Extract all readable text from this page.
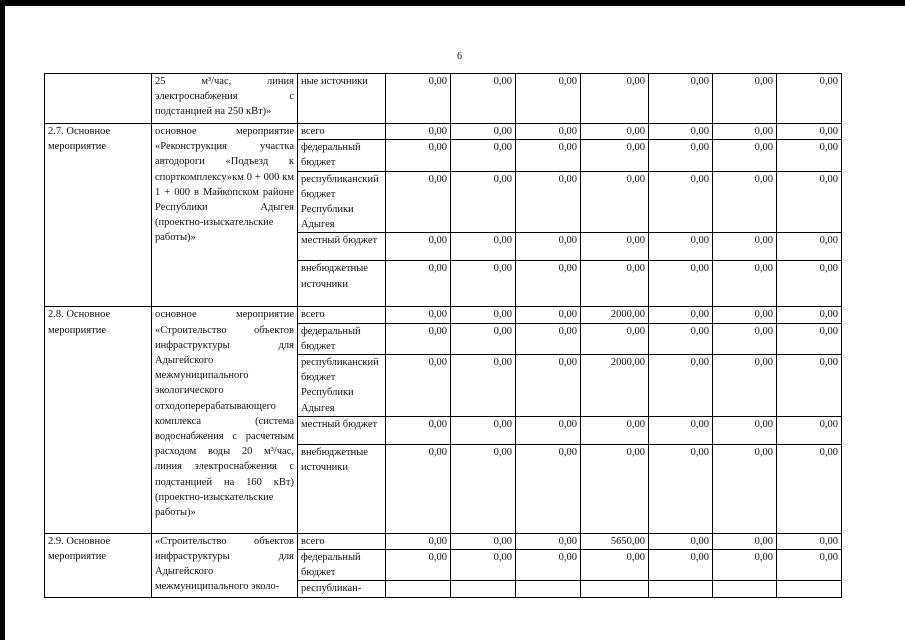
6
	25 м³/час, линия электроснабжения с подстанцией на 250 кВт)»	ные источники	0,00	0,00	0,00	0,00	0,00	0,00	0,00
2.7. Основное мероприятие	основное мероприятие «Реконструкция участка автодороги «Подъезд к спорткомплексу»км 0 + 000 км 1 + 000 в Майкопском районе Республики Адыгея (проектно-изыскательские работы)»	всего	0,00	0,00	0,00	0,00	0,00	0,00	0,00
		федеральный бюджет	0,00	0,00	0,00	0,00	0,00	0,00	0,00
		республиканский бюджет Республики Адыгея	0,00	0,00	0,00	0,00	0,00	0,00	0,00
		местный бюджет	0,00	0,00	0,00	0,00	0,00	0,00	0,00
		внебюджетные источники	0,00	0,00	0,00	0,00	0,00	0,00	0,00
2.8. Основное мероприятие	основное мероприятие «Строительство объектов инфраструктуры для Адыгейского межмуниципального экологического отходоперерабатывающего комплекса (система водоснабжения с расчетным расходом воды 20 м³/час, линия электроснабжения с подстанцией на 160 кВт) (проектно-изыскательские работы)»	всего	0,00	0,00	0,00	2000,00	0,00	0,00	0,00
		федеральный бюджет	0,00	0,00	0,00	0,00	0,00	0,00	0,00
		республиканский бюджет Республики Адыгея	0,00	0,00	0,00	2000,00	0,00	0,00	0,00
		местный бюджет	0,00	0,00	0,00	0,00	0,00	0,00	0,00
		внебюджетные источники	0,00	0,00	0,00	0,00	0,00	0,00	0,00
2.9. Основное мероприятие	«Строительство объектов инфраструктуры для Адыгейского межмуниципального эколо-	всего	0,00	0,00	0,00	5650,00	0,00	0,00	0,00
		федеральный бюджет	0,00	0,00	0,00	0,00	0,00	0,00	0,00
		республикан-							
